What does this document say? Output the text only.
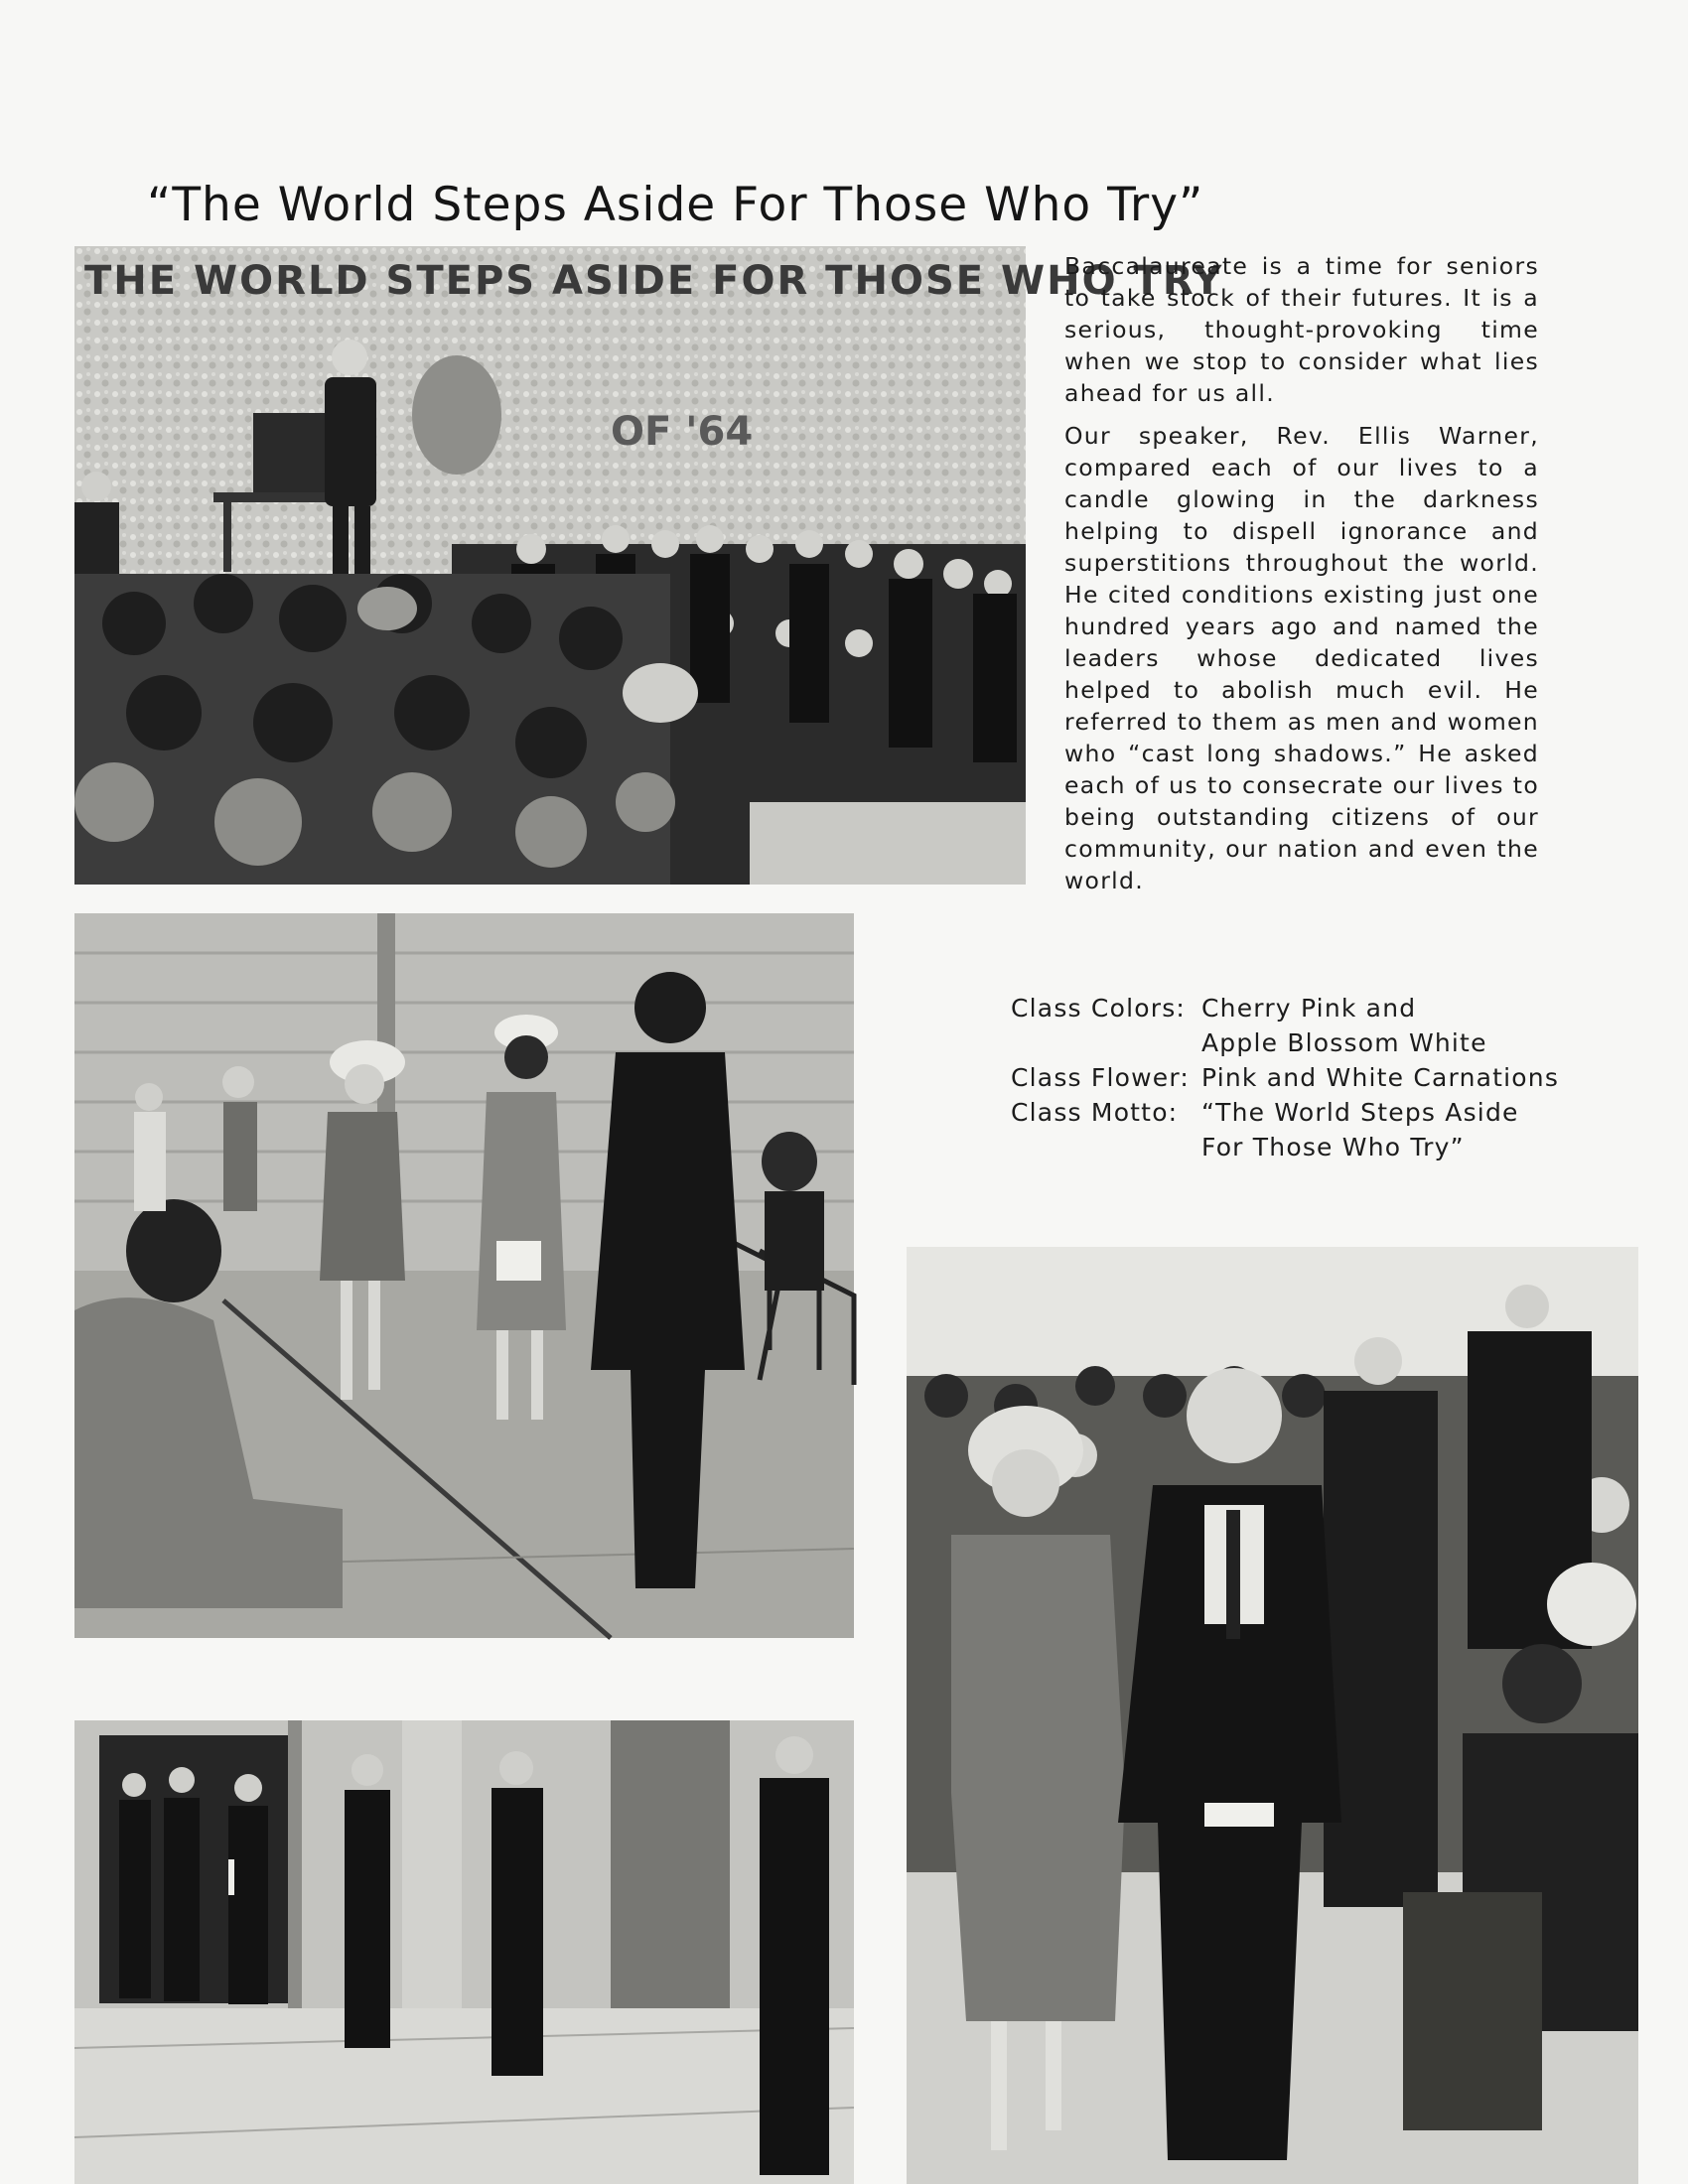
“The World Steps Aside For Those Who Try”
THE WORLD STEPS ASIDE FOR THOSE WHO TRY
OF '64

Baccalaureate is a time for seniors to take stock of their futures. It is a serious, thought-provoking time when we stop to consider what lies ahead for us all.

Our speaker, Rev. Ellis Warner, compared each of our lives to a candle glowing in the darkness helping to dispell ignorance and superstitions throughout the world. He cited conditions existing just one hundred years ago and named the leaders whose dedicated lives helped to abolish much evil. He referred to them as men and women who “cast long shadows.” He asked each of us to consecrate our lives to being outstanding citizens of our community, our nation and even the world.

Class Colors: Cherry Pink and
Apple Blossom White
Class Flower: Pink and White Carnations
Class Motto: “The World Steps Aside
For Those Who Try”
